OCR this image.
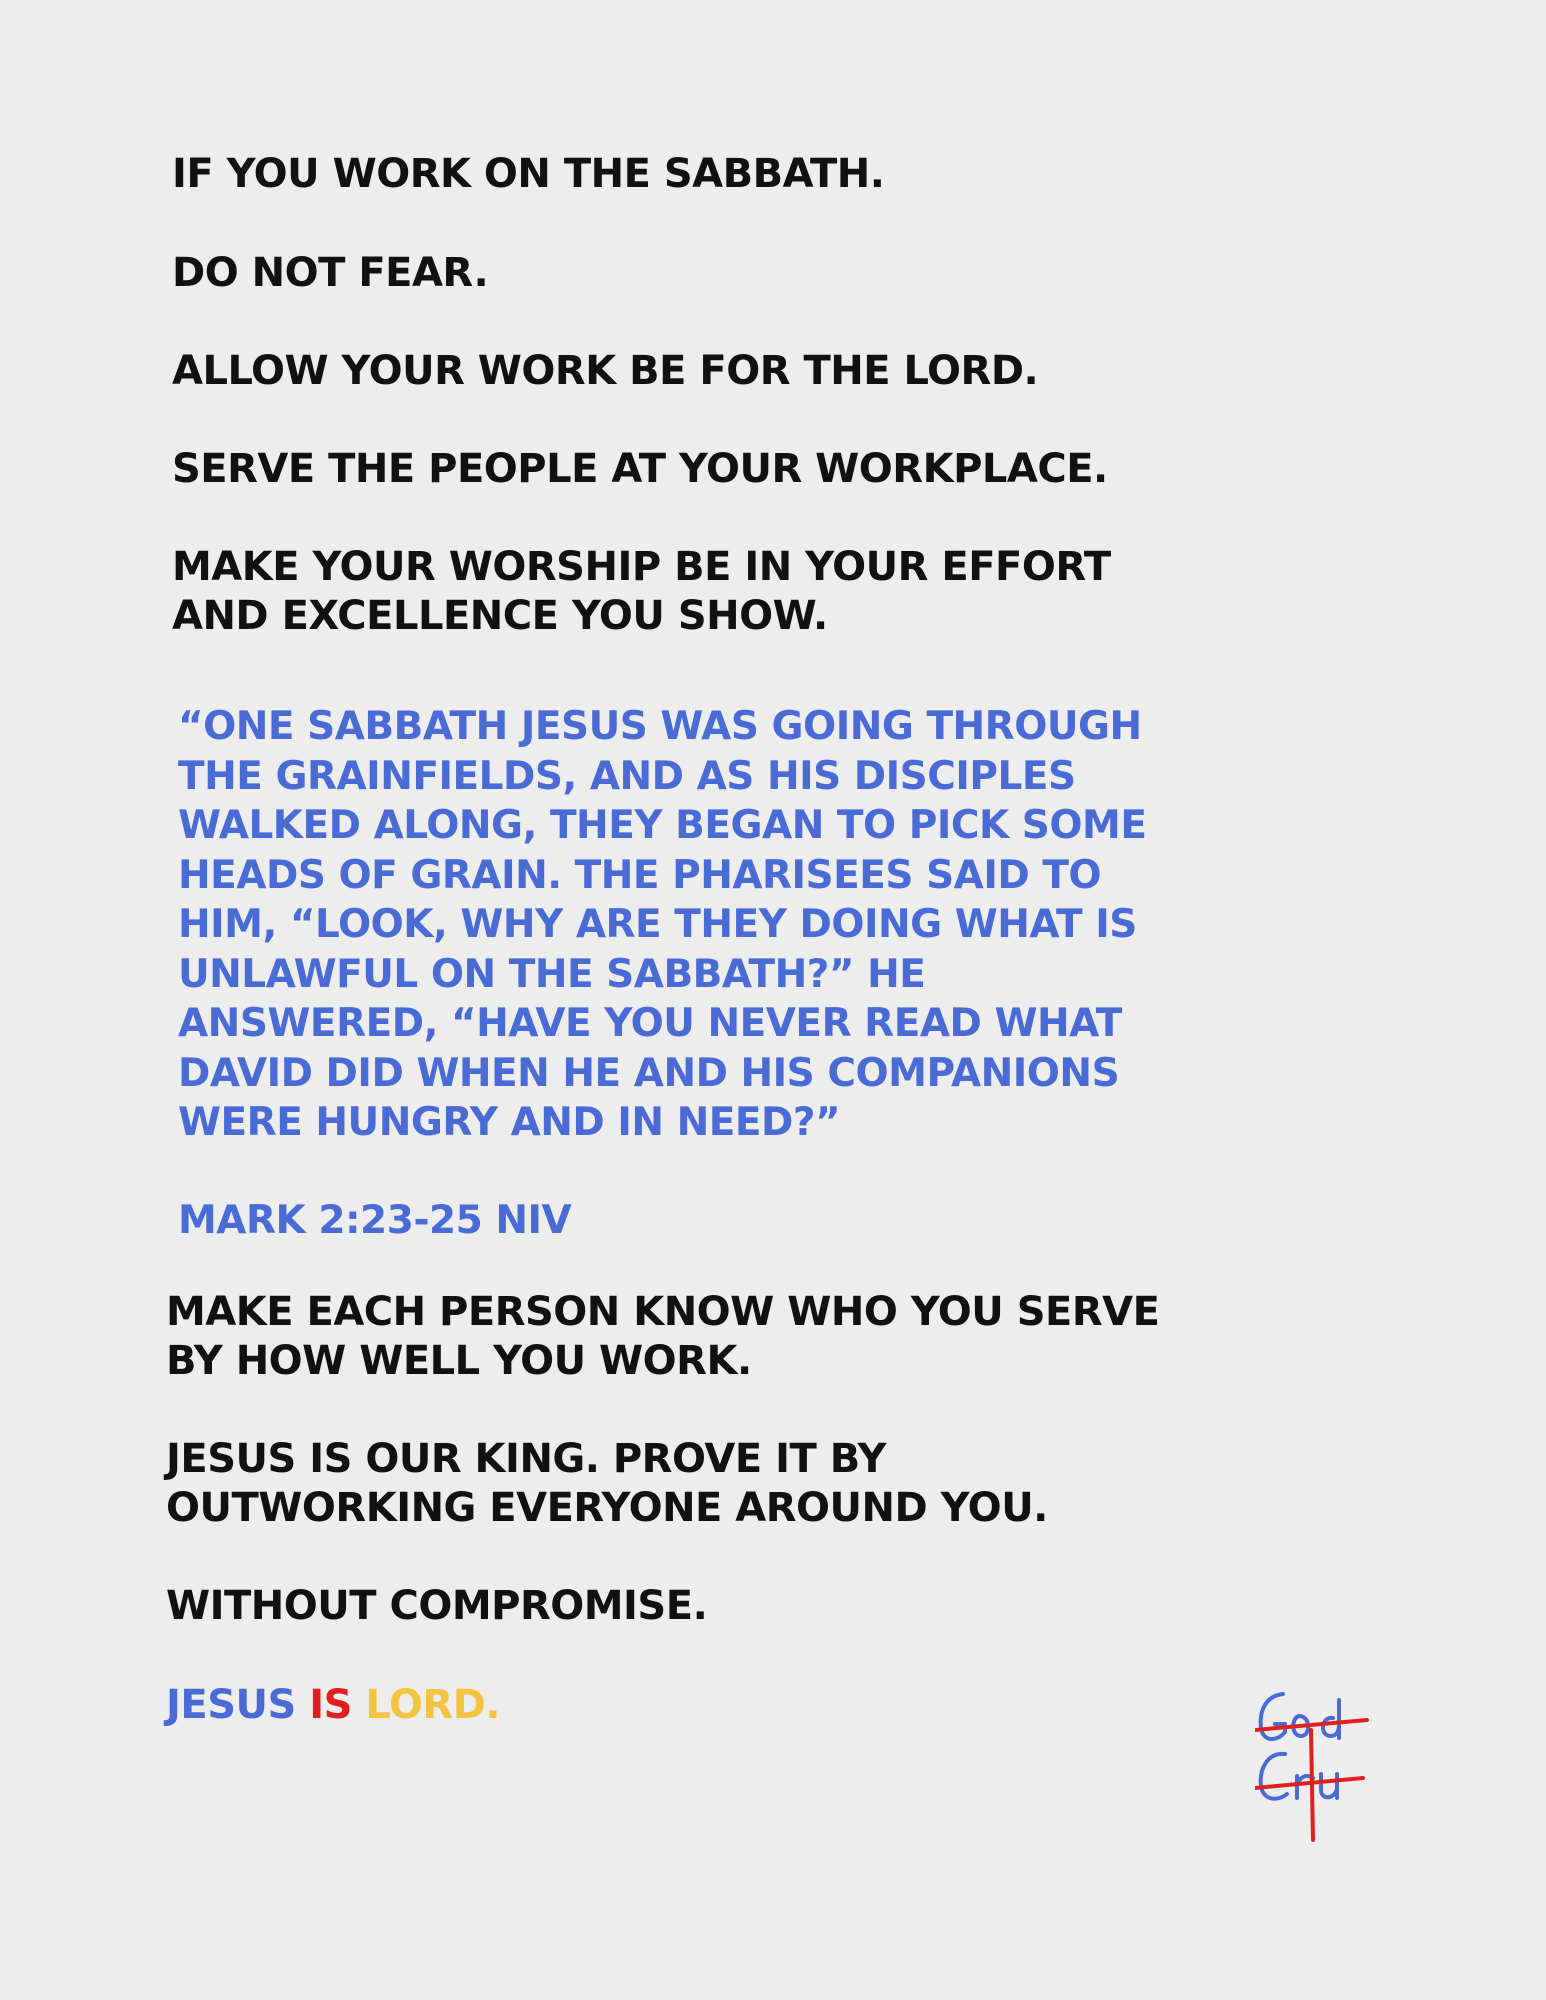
IF YOU WORK ON THE SABBATH.

DO NOT FEAR.

ALLOW YOUR WORK BE FOR THE LORD.

SERVE THE PEOPLE AT YOUR WORKPLACE.

MAKE YOUR WORSHIP BE IN YOUR EFFORT

AND EXCELLENCE YOU SHOW.

“ONE SABBATH JESUS WAS GOING THROUGH

THE GRAINFIELDS, AND AS HIS DISCIPLES

WALKED ALONG, THEY BEGAN TO PICK SOME

HEADS OF GRAIN. THE PHARISEES SAID TO

HIM, “LOOK, WHY ARE THEY DOING WHAT IS

UNLAWFUL ON THE SABBATH?” HE

ANSWERED, “HAVE YOU NEVER READ WHAT

DAVID DID WHEN HE AND HIS COMPANIONS

WERE HUNGRY AND IN NEED?”

MARK 2:23-25 NIV

MAKE EACH PERSON KNOW WHO YOU SERVE

BY HOW WELL YOU WORK.

JESUS IS OUR KING. PROVE IT BY

OUTWORKING EVERYONE AROUND YOU.

WITHOUT COMPROMISE.

JESUS IS LORD.
